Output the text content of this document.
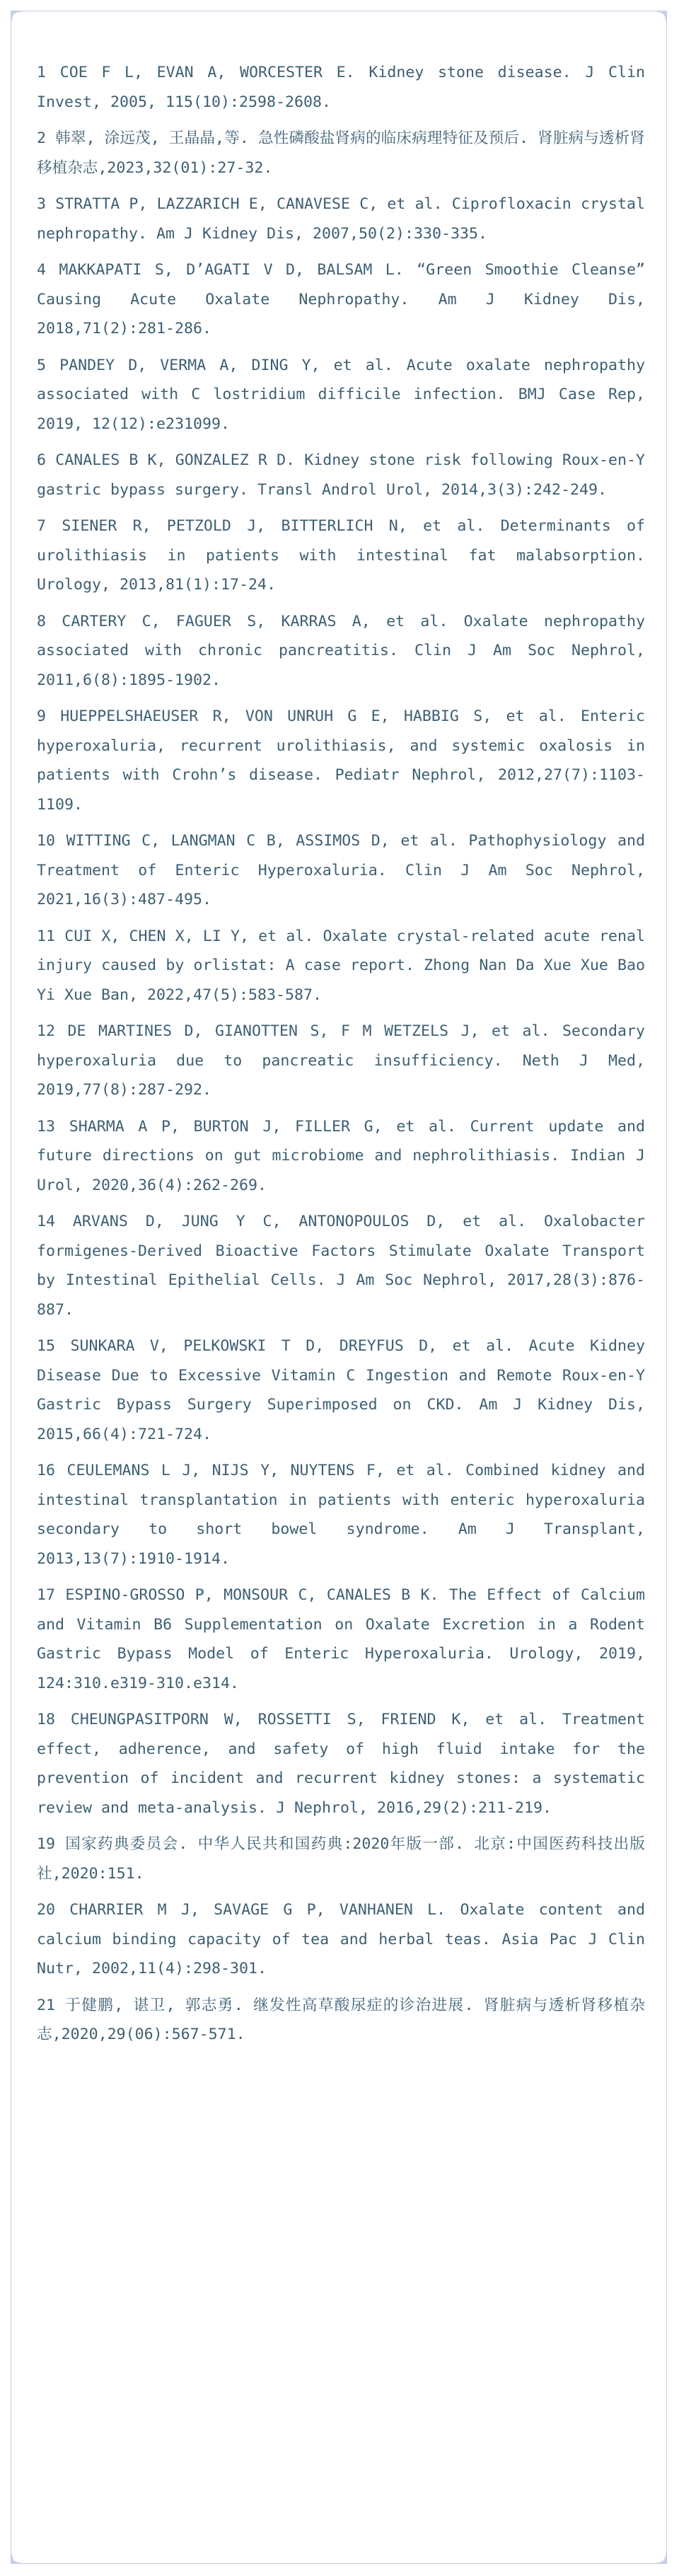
1 COE F L, EVAN A, WORCESTER E. Kidney stone disease. J Clin Invest, 2005, 115(10):2598-2608.
2 韩翠, 涂远茂, 王晶晶,等. 急性磷酸盐肾病的临床病理特征及预后. 肾脏病与透析肾移植杂志,2023,32(01):27-32.
3 STRATTA P, LAZZARICH E, CANAVESE C, et al. Ciprofloxacin crystal nephropathy. Am J Kidney Dis, 2007,50(2):330-335.
4 MAKKAPATI S, D’AGATI V D, BALSAM L. “Green Smoothie Cleanse” Causing Acute Oxalate Nephropathy. Am J Kidney Dis, 2018,71(2):281-286.
5 PANDEY D, VERMA A, DING Y, et al. Acute oxalate nephropathy associated with C lostridium difficile infection. BMJ Case Rep, 2019, 12(12):e231099.
6 CANALES B K, GONZALEZ R D. Kidney stone risk following Roux-en-Y gastric bypass surgery. Transl Androl Urol, 2014,3(3):242-249.
7 SIENER R, PETZOLD J, BITTERLICH N, et al. Determinants of urolithiasis in patients with intestinal fat malabsorption. Urology, 2013,81(1):17-24.
8 CARTERY C, FAGUER S, KARRAS A, et al. Oxalate nephropathy associated with chronic pancreatitis. Clin J Am Soc Nephrol, 2011,6(8):1895-1902.
9 HUEPPELSHAEUSER R, VON UNRUH G E, HABBIG S, et al. Enteric hyperoxaluria, recurrent urolithiasis, and systemic oxalosis in patients with Crohn’s disease. Pediatr Nephrol, 2012,27(7):1103-1109.
10 WITTING C, LANGMAN C B, ASSIMOS D, et al. Pathophysiology and Treatment of Enteric Hyperoxaluria. Clin J Am Soc Nephrol, 2021,16(3):487-495.
11 CUI X, CHEN X, LI Y, et al. Oxalate crystal-related acute renal injury caused by orlistat: A case report. Zhong Nan Da Xue Xue Bao Yi Xue Ban, 2022,47(5):583-587.
12 DE MARTINES D, GIANOTTEN S, F M WETZELS J, et al. Secondary hyperoxaluria due to pancreatic insufficiency. Neth J Med, 2019,77(8):287-292.
13 SHARMA A P, BURTON J, FILLER G, et al. Current update and future directions on gut microbiome and nephrolithiasis. Indian J Urol, 2020,36(4):262-269.
14 ARVANS D, JUNG Y C, ANTONOPOULOS D, et al. Oxalobacter formigenes-Derived Bioactive Factors Stimulate Oxalate Transport by Intestinal Epithelial Cells. J Am Soc Nephrol, 2017,28(3):876-887.
15 SUNKARA V, PELKOWSKI T D, DREYFUS D, et al. Acute Kidney Disease Due to Excessive Vitamin C Ingestion and Remote Roux-en-Y Gastric Bypass Surgery Superimposed on CKD. Am J Kidney Dis, 2015,66(4):721-724.
16 CEULEMANS L J, NIJS Y, NUYTENS F, et al. Combined kidney and intestinal transplantation in patients with enteric hyperoxaluria secondary to short bowel syndrome. Am J Transplant, 2013,13(7):1910-1914.
17 ESPINO-GROSSO P, MONSOUR C, CANALES B K. The Effect of Calcium and Vitamin B6 Supplementation on Oxalate Excretion in a Rodent Gastric Bypass Model of Enteric Hyperoxaluria. Urology, 2019, 124:310.e319-310.e314.
18 CHEUNGPASITPORN W, ROSSETTI S, FRIEND K, et al. Treatment effect, adherence, and safety of high fluid intake for the prevention of incident and recurrent kidney stones: a systematic review and meta-analysis. J Nephrol, 2016,29(2):211-219.
19 国家药典委员会. 中华人民共和国药典:2020年版一部. 北京:中国医药科技出版社,2020:151.
20 CHARRIER M J, SAVAGE G P, VANHANEN L. Oxalate content and calcium binding capacity of tea and herbal teas. Asia Pac J Clin Nutr, 2002,11(4):298-301.
21 于健鹏, 谌卫, 郭志勇. 继发性高草酸尿症的诊治进展. 肾脏病与透析肾移植杂志,2020,29(06):567-571.
